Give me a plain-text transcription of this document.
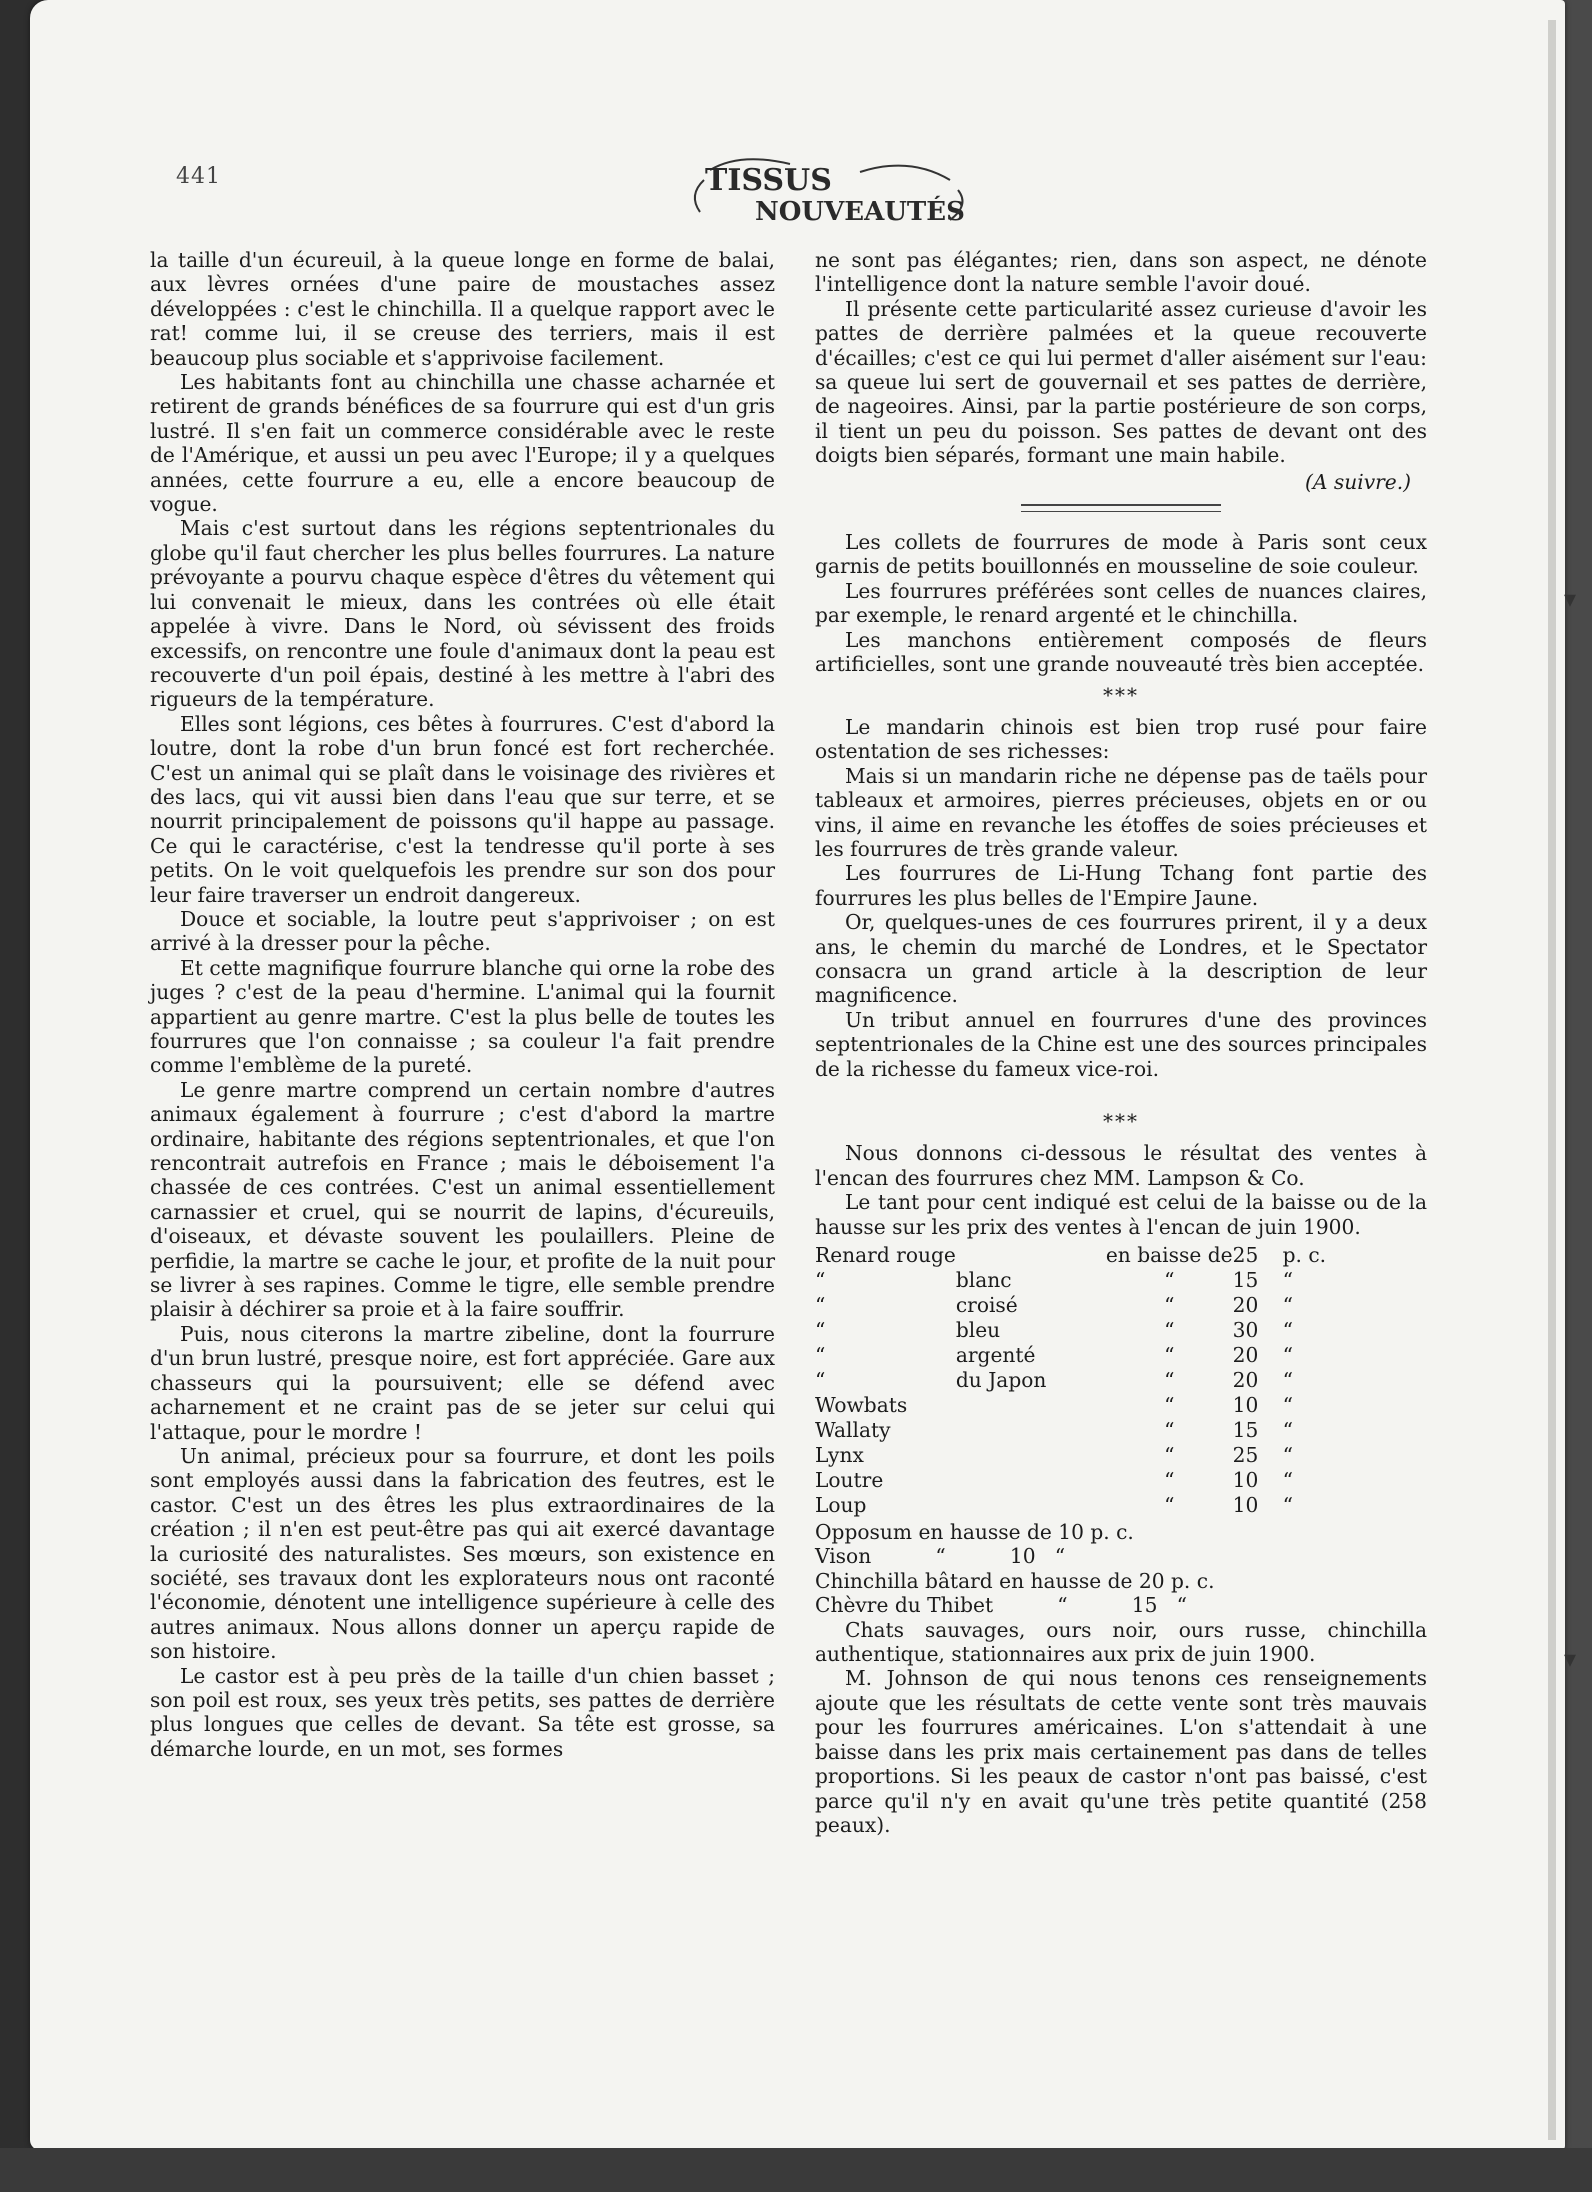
▾
▾
441	TISSUS
NOUVEAUTÉS

la taille d'un écureuil, à la queue longe en forme de balai, aux lèvres ornées d'une paire de moustaches assez développées : c'est le chinchilla. Il a quelque rapport avec le rat! comme lui, il se creuse des terriers, mais il est beaucoup plus sociable et s'apprivoise facilement.

Les habitants font au chinchilla une chasse acharnée et retirent de grands bénéfices de sa fourrure qui est d'un gris lustré. Il s'en fait un commerce considérable avec le reste de l'Amérique, et aussi un peu avec l'Europe; il y a quelques années, cette fourrure a eu, elle a encore beaucoup de vogue.

Mais c'est surtout dans les régions septentrionales du globe qu'il faut chercher les plus belles fourrures. La nature prévoyante a pourvu chaque espèce d'êtres du vêtement qui lui convenait le mieux, dans les contrées où elle était appelée à vivre. Dans le Nord, où sévissent des froids excessifs, on rencontre une foule d'animaux dont la peau est recouverte d'un poil épais, destiné à les mettre à l'abri des rigueurs de la température.

Elles sont légions, ces bêtes à fourrures. C'est d'abord la loutre, dont la robe d'un brun foncé est fort recherchée. C'est un animal qui se plaît dans le voisinage des rivières et des lacs, qui vit aussi bien dans l'eau que sur terre, et se nourrit principalement de poissons qu'il happe au passage. Ce qui le caractérise, c'est la tendresse qu'il porte à ses petits. On le voit quelquefois les prendre sur son dos pour leur faire traverser un endroit dangereux.

Douce et sociable, la loutre peut s'apprivoiser ; on est arrivé à la dresser pour la pêche.

Et cette magnifique fourrure blanche qui orne la robe des juges ? c'est de la peau d'hermine. L'animal qui la fournit appartient au genre martre. C'est la plus belle de toutes les fourrures que l'on connaisse ; sa couleur l'a fait prendre comme l'emblème de la pureté.

Le genre martre comprend un certain nombre d'autres animaux également à fourrure ; c'est d'abord la martre ordinaire, habitante des régions septentrionales, et que l'on rencontrait autrefois en France ; mais le déboisement l'a chassée de ces contrées. C'est un animal essentiellement carnassier et cruel, qui se nourrit de lapins, d'écureuils, d'oiseaux, et dévaste souvent les poulaillers. Pleine de perfidie, la martre se cache le jour, et profite de la nuit pour se livrer à ses rapines. Comme le tigre, elle semble prendre plaisir à déchirer sa proie et à la faire souffrir.

Puis, nous citerons la martre zibeline, dont la fourrure d'un brun lustré, presque noire, est fort appréciée. Gare aux chasseurs qui la poursuivent; elle se défend avec acharnement et ne craint pas de se jeter sur celui qui l'attaque, pour le mordre !

Un animal, précieux pour sa fourrure, et dont les poils sont employés aussi dans la fabrication des feutres, est le castor. C'est un des êtres les plus extraordinaires de la création ; il n'en est peut-être pas qui ait exercé davantage la curiosité des naturalistes. Ses mœurs, son existence en société, ses travaux dont les explorateurs nous ont raconté l'économie, dénotent une intelligence supérieure à celle des autres animaux. Nous allons donner un aperçu rapide de son histoire.

Le castor est à peu près de la taille d'un chien basset ; son poil est roux, ses yeux très petits, ses pattes de derrière plus longues que celles de devant. Sa tête est grosse, sa démarche lourde, en un mot, ses formes

ne sont pas élégantes; rien, dans son aspect, ne dénote l'intelligence dont la nature semble l'avoir doué.

Il présente cette particularité assez curieuse d'avoir les pattes de derrière palmées et la queue recouverte d'écailles; c'est ce qui lui permet d'aller aisément sur l'eau: sa queue lui sert de gouvernail et ses pattes de derrière, de nageoires. Ainsi, par la partie postérieure de son corps, il tient un peu du poisson. Ses pattes de devant ont des doigts bien séparés, formant une main habile.

(A suivre.)

Les collets de fourrures de mode à Paris sont ceux garnis de petits bouillonnés en mousseline de soie couleur.

Les fourrures préférées sont celles de nuances claires, par exemple, le renard argenté et le chinchilla.

Les manchons entièrement composés de fleurs artificielles, sont une grande nouveauté très bien acceptée.

***

Le mandarin chinois est bien trop rusé pour faire ostentation de ses richesses:

Mais si un mandarin riche ne dépense pas de taëls pour tableaux et armoires, pierres précieuses, objets en or ou vins, il aime en revanche les étoffes de soies précieuses et les fourrures de très grande valeur.

Les fourrures de Li-Hung Tchang font partie des fourrures les plus belles de l'Empire Jaune.

Or, quelques-unes de ces fourrures prirent, il y a deux ans, le chemin du marché de Londres, et le Spectator consacra un grand article à la description de leur magnificence.

Un tribut annuel en fourrures d'une des provinces septentrionales de la Chine est une des sources principales de la richesse du fameux vice-roi.

***

Nous donnons ci-dessous le résultat des ventes à l'encan des fourrures chez MM. Lampson & Co.

Le tant pour cent indiqué est celui de la baisse ou de la hausse sur les prix des ventes à l'encan de juin 1900.

Renard rouge		en baisse de	25	p. c.
“	blanc	“	15	“
“	croisé	“	20	“
“	bleu	“	30	“
“	argenté	“	20	“
“	du Japon	“	20	“
Wowbats		“	10	“
Wallaty		“	15	“
Lynx		“	25	“
Loutre		“	10	“
Loup		“	10	“

Opposum en hausse de 10 p. c.

Vison          “          10   “

Chinchilla bâtard en hausse de 20 p. c.

Chèvre du Thibet          “          15   “

Chats sauvages, ours noir, ours russe, chinchilla authentique, stationnaires aux prix de juin 1900.

M. Johnson de qui nous tenons ces renseignements ajoute que les résultats de cette vente sont très mauvais pour les fourrures américaines. L'on s'attendait à une baisse dans les prix mais certainement pas dans de telles proportions. Si les peaux de castor n'ont pas baissé, c'est parce qu'il n'y en avait qu'une très petite quantité (258 peaux).
